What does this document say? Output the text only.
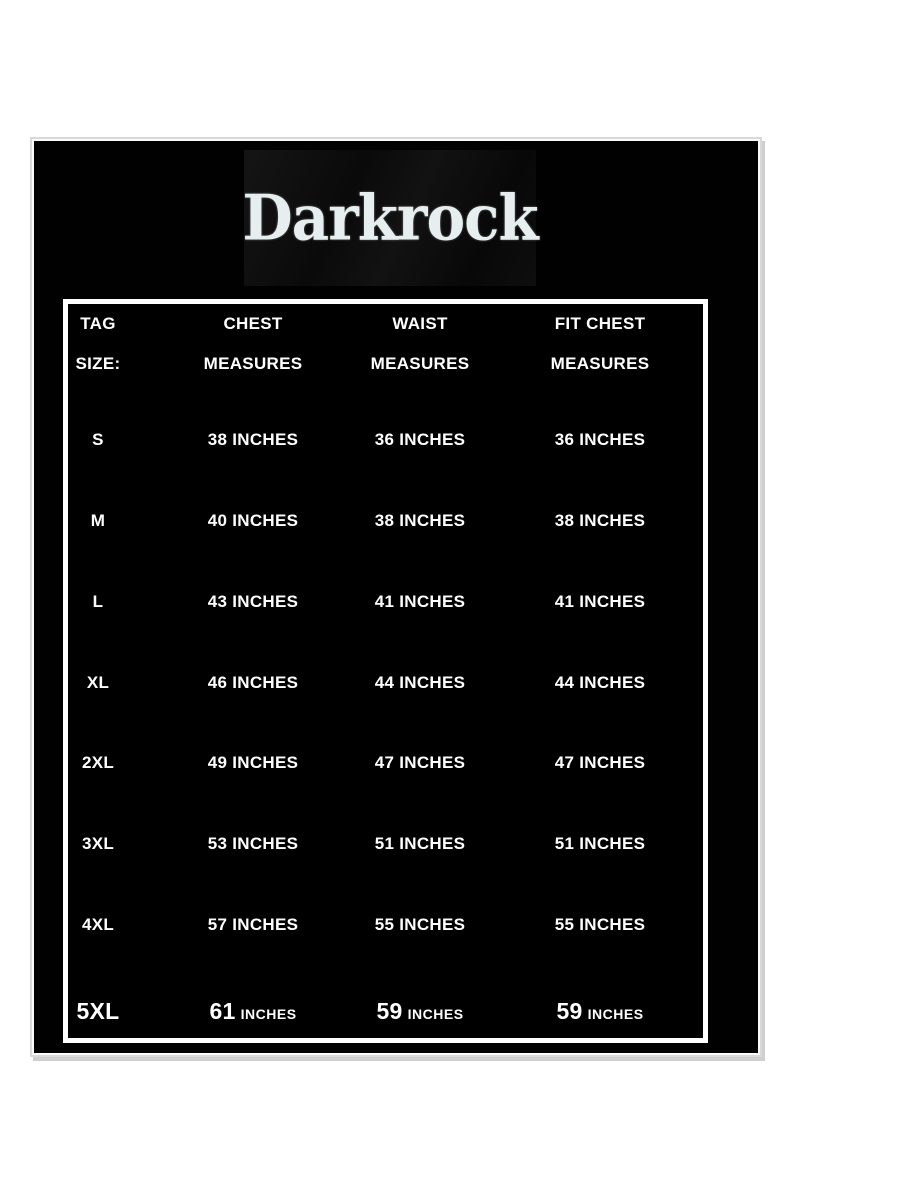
Darkrock
TAG	CHEST	WAIST	FIT CHEST
SIZE:	MEASURES	MEASURES	MEASURES
S	38 INCHES	36 INCHES	36 INCHES
M	40 INCHES	38 INCHES	38 INCHES
L	43 INCHES	41 INCHES	41 INCHES
XL	46 INCHES	44 INCHES	44 INCHES
2XL	49 INCHES	47 INCHES	47 INCHES
3XL	53 INCHES	51 INCHES	51 INCHES
4XL	57 INCHES	55 INCHES	55 INCHES
5XL	61 INCHES	59 INCHES	59 INCHES
